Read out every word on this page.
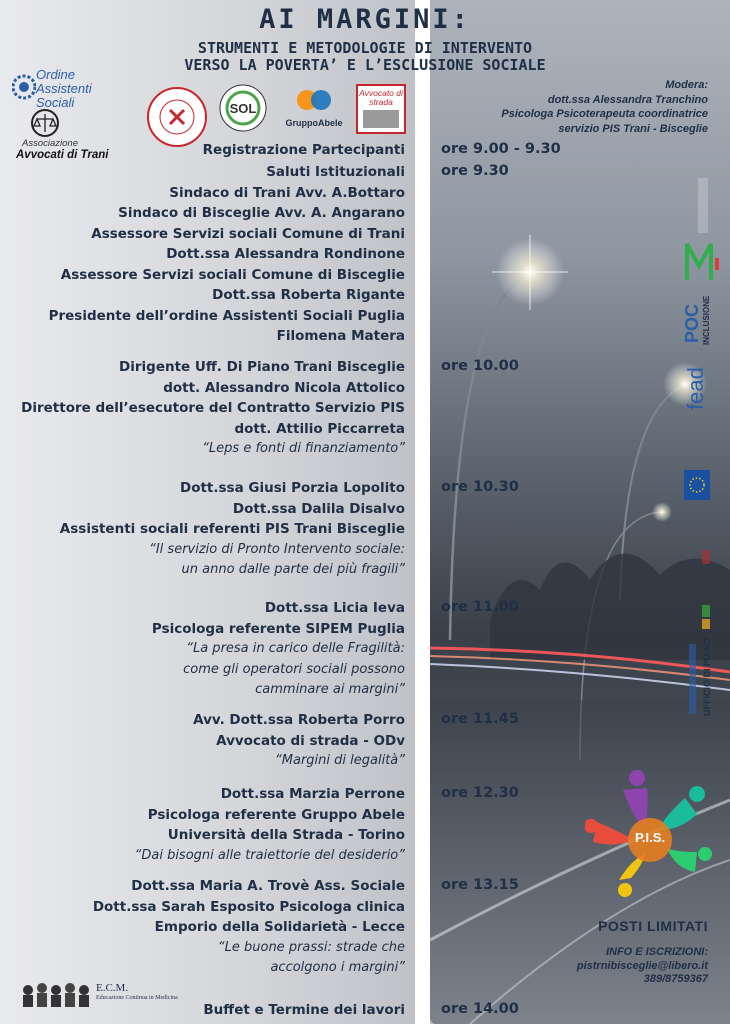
AI MARGINI:
STRUMENTI E METODOLOGIE DI INTERVENTO
VERSO LA POVERTA’ E L’ESCLUSIONE SOCIALE
Modera:
dott.ssa Alessandra Tranchino
Psicologa Psicoterapeuta coordinatrice
servizio PIS Trani - Bisceglie
Ordine
Assistenti Sociali
Associazione
Avvocati di Trani
SOL
GruppoAbele
Avvocato di strada
Registrazione Partecipanti ore 9.00 - 9.30
Saluti Istituzionali
Sindaco di Trani Avv. A.Bottaro
Sindaco di Bisceglie Avv. A. Angarano
Assessore Servizi sociali Comune di Trani
Dott.ssa Alessandra Rondinone
Assessore Servizi sociali Comune di Bisceglie
Dott.ssa Roberta Rigante
Presidente dell’ordine Assistenti Sociali Puglia
Filomena Matera
ore 9.30
Dirigente Uff. Di Piano Trani Bisceglie
dott. Alessandro Nicola Attolico
Direttore dell’esecutore del Contratto Servizio PIS
dott. Attilio Piccarreta
“Leps e fonti di finanziamento”
ore 10.00
Dott.ssa Giusi Porzia Lopolito
Dott.ssa Dalila Disalvo
Assistenti sociali referenti PIS Trani Bisceglie
“Il servizio di Pronto Intervento sociale:
un anno dalle parte dei più fragili”
ore 10.30
Dott.ssa Licia Ieva
Psicologa referente SIPEM Puglia
“La presa in carico delle Fragilità:
come gli operatori sociali possono
camminare ai margini”
ore 11.00
Avv. Dott.ssa Roberta Porro
Avvocato di strada - ODv
“Margini di legalità”
ore 11.45
Dott.ssa Marzia Perrone
Psicologa referente Gruppo Abele
Università della Strada - Torino
“Dai bisogni alle traiettorie del desiderio”
ore 12.30
Dott.ssa Maria A. Trovè Ass. Sociale
Dott.ssa Sarah Esposito Psicologa clinica
Emporio della Solidarietà - Lecce
“Le buone prassi: strade che
accolgono i margini”
ore 13.15
Buffet e Termine dei lavori ore 14.00
POC INCLUSIONE
fead
UFFICIO DI PIANO
P.I.S.
POSTI LIMITATI
INFO E ISCRIZIONI:
pistrnibisceglie@libero.it
389/8759367
E.C.M.
Educazione Continua in Medicina
